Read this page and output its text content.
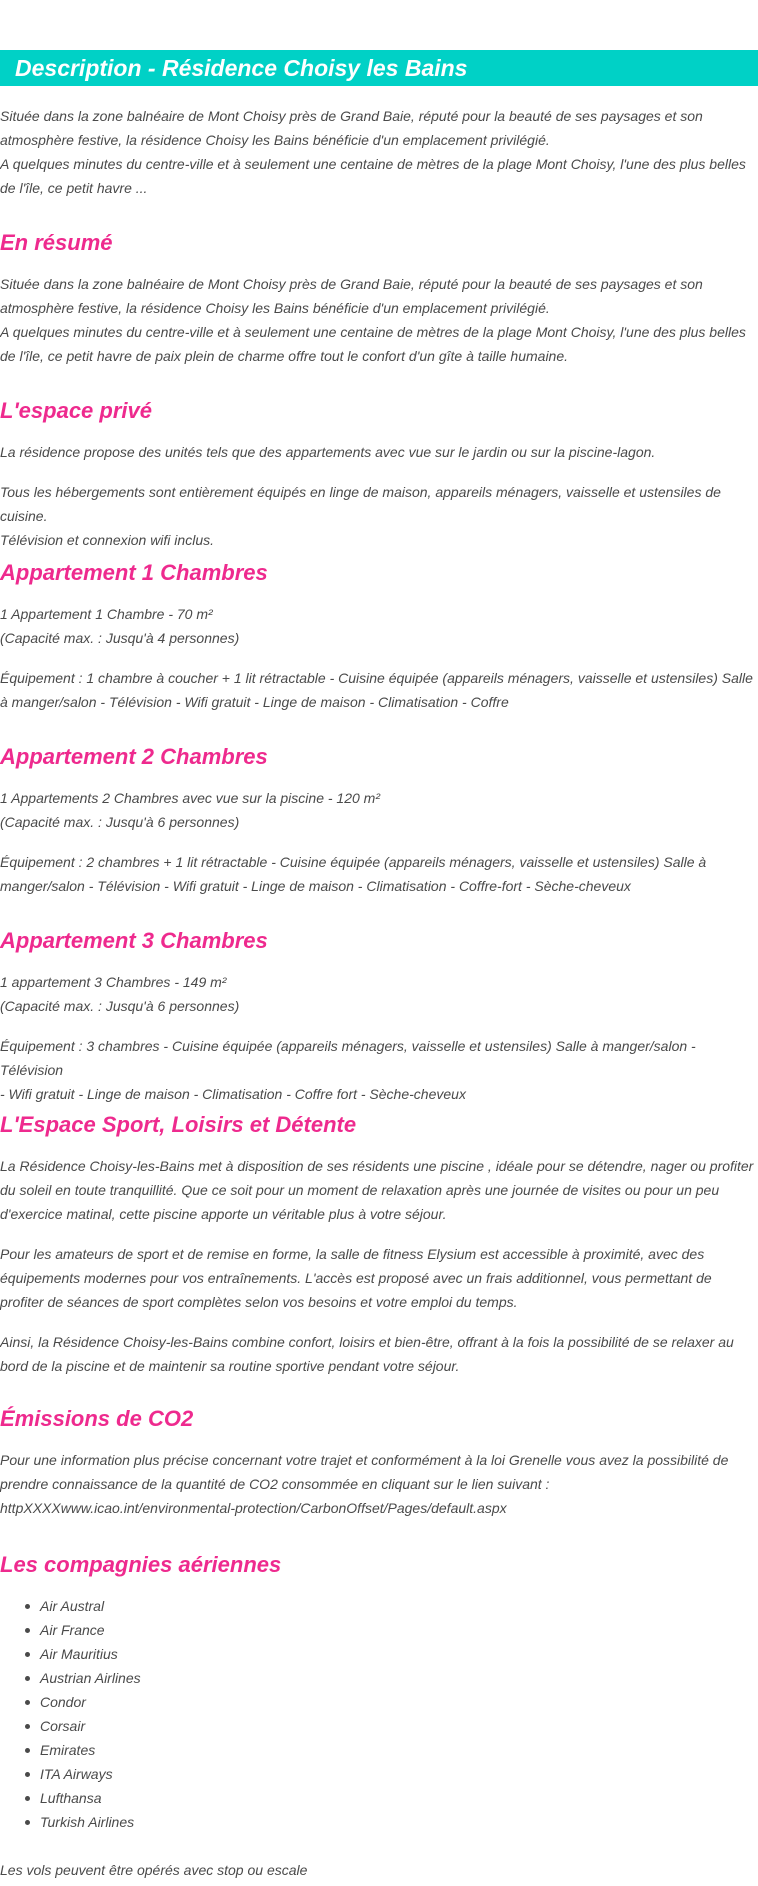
Description - Résidence Choisy les Bains
Située dans la zone balnéaire de Mont Choisy près de Grand Baie, réputé pour la beauté de ses paysages et son
atmosphère festive, la résidence Choisy les Bains bénéficie d'un emplacement privilégié.
A quelques minutes du centre-ville et à seulement une centaine de mètres de la plage Mont Choisy, l'une des plus belles
de l'île, ce petit havre ...
En résumé
Située dans la zone balnéaire de Mont Choisy près de Grand Baie, réputé pour la beauté de ses paysages et son
atmosphère festive, la résidence Choisy les Bains bénéficie d'un emplacement privilégié.
A quelques minutes du centre-ville et à seulement une centaine de mètres de la plage Mont Choisy, l'une des plus belles
de l'île, ce petit havre de paix plein de charme offre tout le confort d'un gîte à taille humaine.
L'espace privé
La résidence propose des unités tels que des appartements avec vue sur le jardin ou sur la piscine-lagon.
Tous les hébergements sont entièrement équipés en linge de maison, appareils ménagers, vaisselle et ustensiles de cuisine.
Télévision et connexion wifi inclus.
Appartement 1 Chambres
1 Appartement 1 Chambre - 70 m²
(Capacité max. : Jusqu'à 4 personnes)
Équipement : 1 chambre à coucher + 1 lit rétractable - Cuisine équipée (appareils ménagers, vaisselle et ustensiles) Salle
à manger/salon - Télévision - Wifi gratuit - Linge de maison - Climatisation - Coffre
Appartement 2 Chambres
1 Appartements 2 Chambres avec vue sur la piscine - 120 m²
(Capacité max. : Jusqu'à 6 personnes)
Équipement : 2 chambres + 1 lit rétractable - Cuisine équipée (appareils ménagers, vaisselle et ustensiles) Salle à
manger/salon - Télévision - Wifi gratuit - Linge de maison - Climatisation - Coffre-fort - Sèche-cheveux
Appartement 3 Chambres
1 appartement 3 Chambres - 149 m²
(Capacité max. : Jusqu'à 6 personnes)
Équipement : 3 chambres - Cuisine équipée (appareils ménagers, vaisselle et ustensiles) Salle à manger/salon - Télévision
- Wifi gratuit - Linge de maison - Climatisation - Coffre fort - Sèche-cheveux
L'Espace Sport, Loisirs et Détente
La Résidence Choisy-les-Bains met à disposition de ses résidents une piscine , idéale pour se détendre, nager ou profiter
du soleil en toute tranquillité. Que ce soit pour un moment de relaxation après une journée de visites ou pour un peu
d'exercice matinal, cette piscine apporte un véritable plus à votre séjour.
Pour les amateurs de sport et de remise en forme, la salle de fitness Elysium est accessible à proximité, avec des
équipements modernes pour vos entraînements. L'accès est proposé avec un frais additionnel, vous permettant de
profiter de séances de sport complètes selon vos besoins et votre emploi du temps.
Ainsi, la Résidence Choisy-les-Bains combine confort, loisirs et bien-être, offrant à la fois la possibilité de se relaxer au
bord de la piscine et de maintenir sa routine sportive pendant votre séjour.
Émissions de CO2
Pour une information plus précise concernant votre trajet et conformément à la loi Grenelle vous avez la possibilité de
prendre connaissance de la quantité de CO2 consommée en cliquant sur le lien suivant :
httpXXXXwww.icao.int/environmental-protection/CarbonOffset/Pages/default.aspx
Les compagnies aériennes
Air Austral
Air France
Air Mauritius
Austrian Airlines
Condor
Corsair
Emirates
ITA Airways
Lufthansa
Turkish Airlines
Les vols peuvent être opérés avec stop ou escale
